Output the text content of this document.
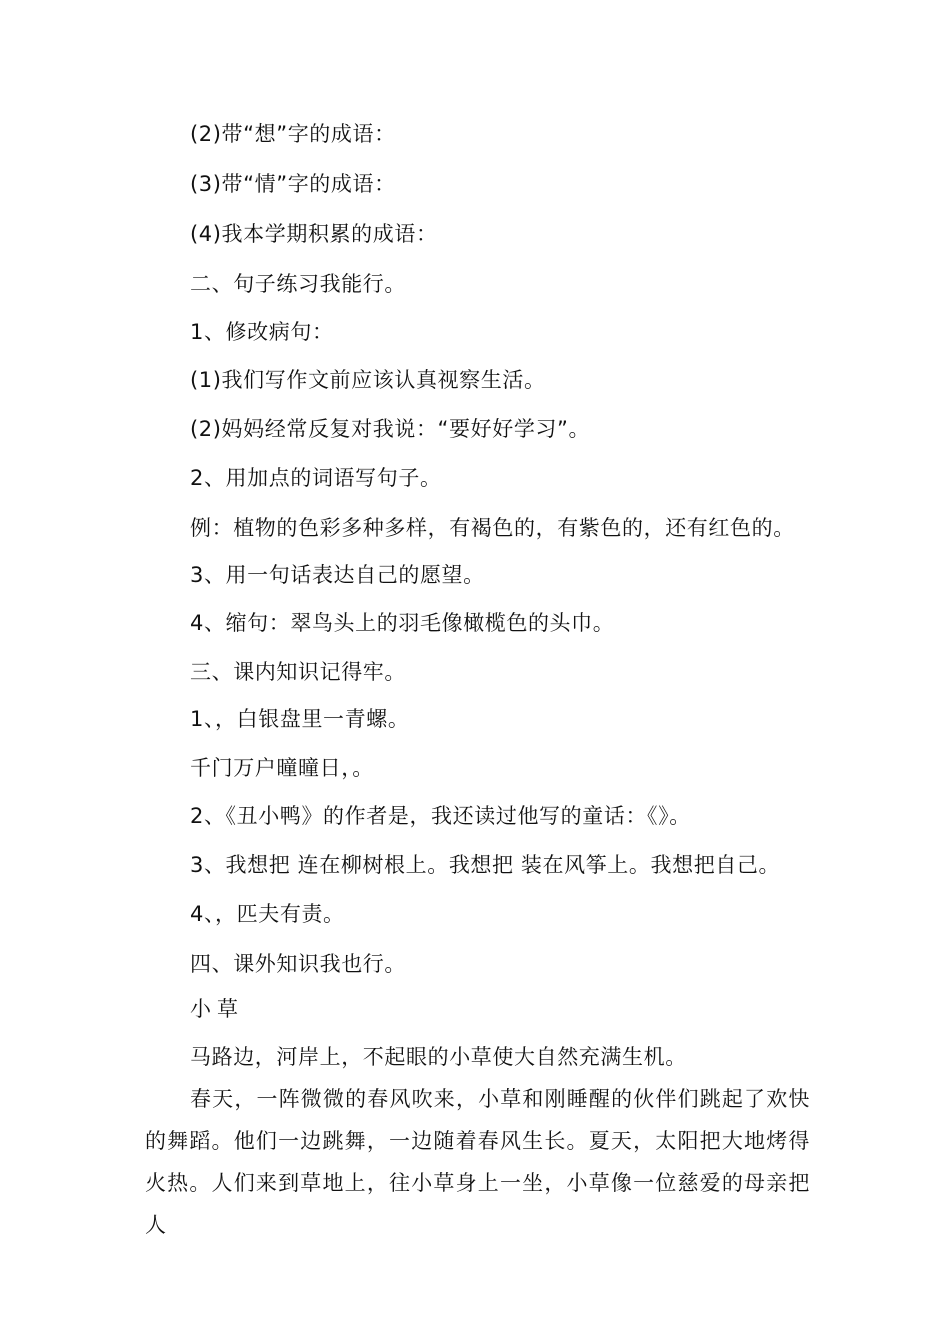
(2)带“想”字的成语：
(3)带“情”字的成语：
(4)我本学期积累的成语：
二、句子练习我能行。
1、修改病句：
(1)我们写作文前应该认真视察生活。
(2)妈妈经常反复对我说：“要好好学习”。
2、用加点的词语写句子。
例：植物的色彩多种多样，有褐色的，有紫色的，还有红色的。
3、用一句话表达自己的愿望。
4、缩句：翠鸟头上的羽毛像橄榄色的头巾。
三、课内知识记得牢。
1、，白银盘里一青螺。
千门万户曈曈日，。
2、《丑小鸭》的作者是，我还读过他写的童话：《》。
3、我想把 连在柳树根上。我想把 装在风筝上。我想把自己。
4、，匹夫有责。
四、课外知识我也行。
小草
马路边，河岸上，不起眼的小草使大自然充满生机。
春天，一阵微微的春风吹来，小草和刚睡醒的伙伴们跳起了欢快的舞蹈。他们一边跳舞，一边随着春风生长。夏天，太阳把大地烤得火热。人们来到草地上，往小草身上一坐，小草像一位慈爱的母亲把人
